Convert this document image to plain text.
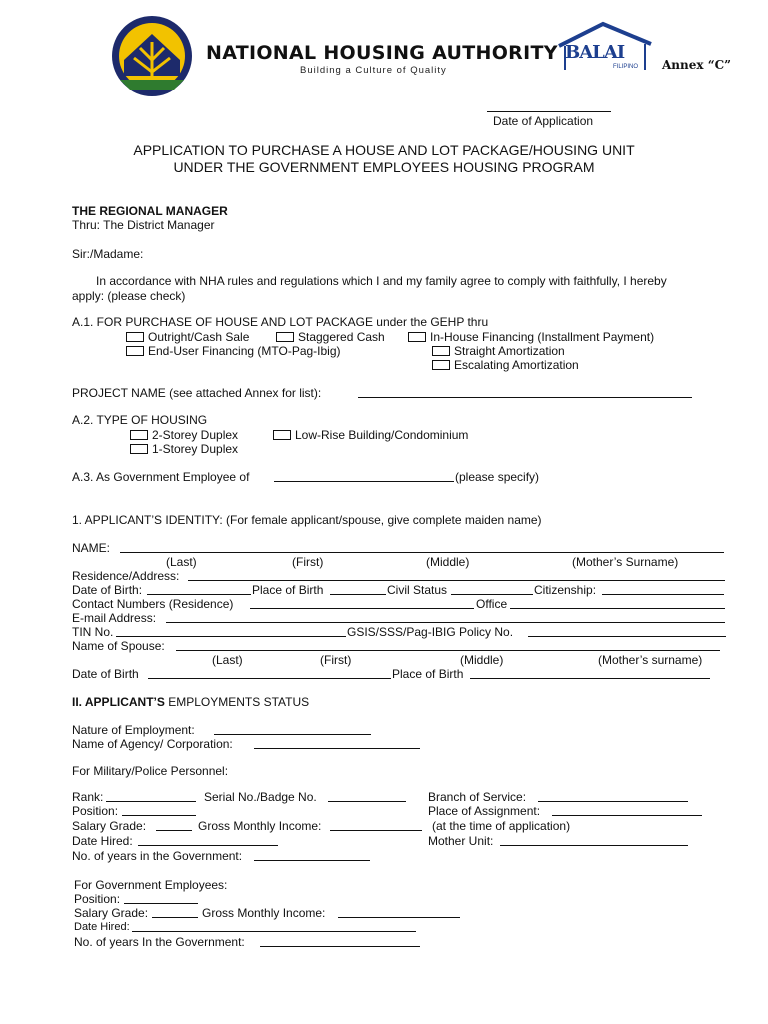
NATIONAL HOUSING AUTHORITY
Building a Culture of Quality
BALAI
FILIPINO Annex “C”
Date of Application
APPLICATION TO PURCHASE A HOUSE AND LOT PACKAGE/HOUSING UNIT
UNDER THE GOVERNMENT EMPLOYEES HOUSING PROGRAM
THE REGIONAL MANAGER
Thru: The District Manager
Sir:/Madame:
In accordance with NHA rules and regulations which I and my family agree to comply with faithfully, I hereby
apply: (please check)
A.1. FOR PURCHASE OF HOUSE AND LOT PACKAGE under the GEHP thru
Outright/Cash Sale	Staggered Cash	In-House Financing (Installment Payment)
End-User Financing (MTO-Pag-Ibig)	Straight Amortization
Escalating Amortization
PROJECT NAME (see attached Annex for list):
A.2. TYPE OF HOUSING
2-Storey Duplex	Low-Rise Building/Condominium
1-Storey Duplex
A.3. As Government Employee of	(please specify)
1. APPLICANT’S IDENTITY: (For female applicant/spouse, give complete maiden name)
NAME:
(Last)	(First)	(Middle)	(Mother’s Surname)
Residence/Address:
Date of Birth:	Place of Birth	Civil Status	Citizenship:
Contact Numbers (Residence)	Office
E-mail Address:
TIN No.	GSIS/SSS/Pag-IBIG Policy No.
Name of Spouse:
(Last)	(First)	(Middle)	(Mother’s surname)
Date of Birth	Place of Birth
II. APPLICANT’S EMPLOYMENTS STATUS
Nature of Employment:
Name of Agency/ Corporation:
For Military/Police Personnel:
Rank:	Serial No./Badge No.	Branch of Service:
Position:	Place of Assignment:
Salary Grade:	Gross Monthly Income:	(at the time of application)
Date Hired:	Mother Unit:
No. of years in the Government:
For Government Employees:
Position:
Salary Grade:	Gross Monthly Income:
Date Hired:
No. of years In the Government:
